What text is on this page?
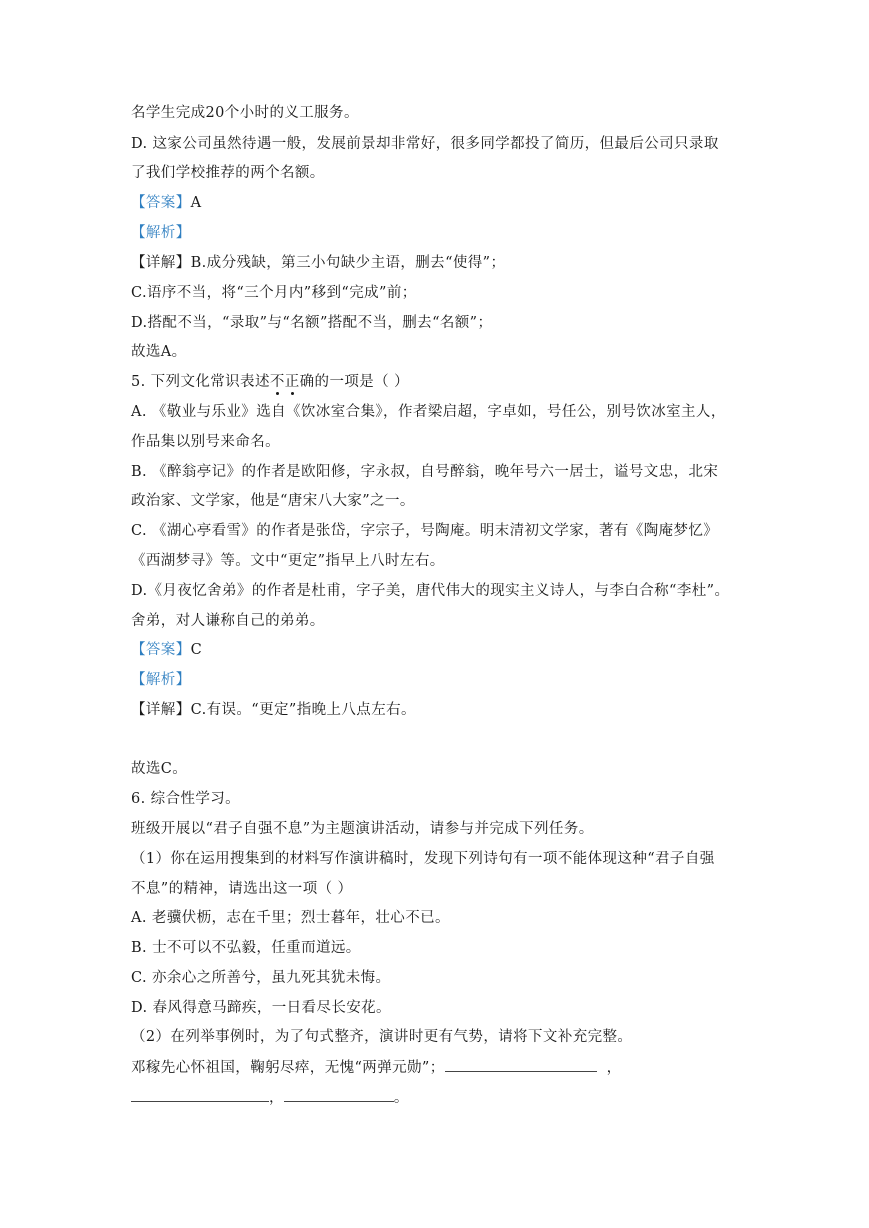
名学生完成20个小时的义工服务。
D. 这家公司虽然待遇一般，发展前景却非常好，很多同学都投了简历，但最后公司只录取
了我们学校推荐的两个名额。
【答案】A
【解析】
【详解】B.成分残缺，第三小句缺少主语，删去“使得”；
C.语序不当，将“三个月内”移到“完成”前；
D.搭配不当，“录取”与“名额”搭配不当，删去“名额”；
故选A。
5. 下列文化常识表述不正确的一项是（ ）
A. 《敬业与乐业》选自《饮冰室合集》，作者梁启超，字卓如，号任公，别号饮冰室主人，
作品集以别号来命名。
B. 《醉翁亭记》的作者是欧阳修，字永叔，自号醉翁，晚年号六一居士，谥号文忠，北宋
政治家、文学家，他是“唐宋八大家”之一。
C. 《湖心亭看雪》的作者是张岱，字宗子，号陶庵。明末清初文学家，著有《陶庵梦忆》
《西湖梦寻》等。文中“更定”指早上八时左右。
D.《月夜忆舍弟》的作者是杜甫，字子美，唐代伟大的现实主义诗人，与李白合称“李杜”。
舍弟，对人谦称自己的弟弟。
【答案】C
【解析】
【详解】C.有误。“更定”指晚上八点左右。
故选C。
6. 综合性学习。
班级开展以“君子自强不息”为主题演讲活动，请参与并完成下列任务。
（1）你在运用搜集到的材料写作演讲稿时，发现下列诗句有一项不能体现这种“君子自强
不息”的精神，请选出这一项（ ）
A. 老骥伏枥，志在千里；烈士暮年，壮心不已。
B. 士不可以不弘毅，任重而道远。
C. 亦余心之所善兮，虽九死其犹未悔。
D. 春风得意马蹄疾，一日看尽长安花。
（2）在列举事例时，为了句式整齐，演讲时更有气势，请将下文补充完整。
邓稼先心怀祖国，鞠躬尽瘁，无愧“两弹元勋”；	，
，	。
